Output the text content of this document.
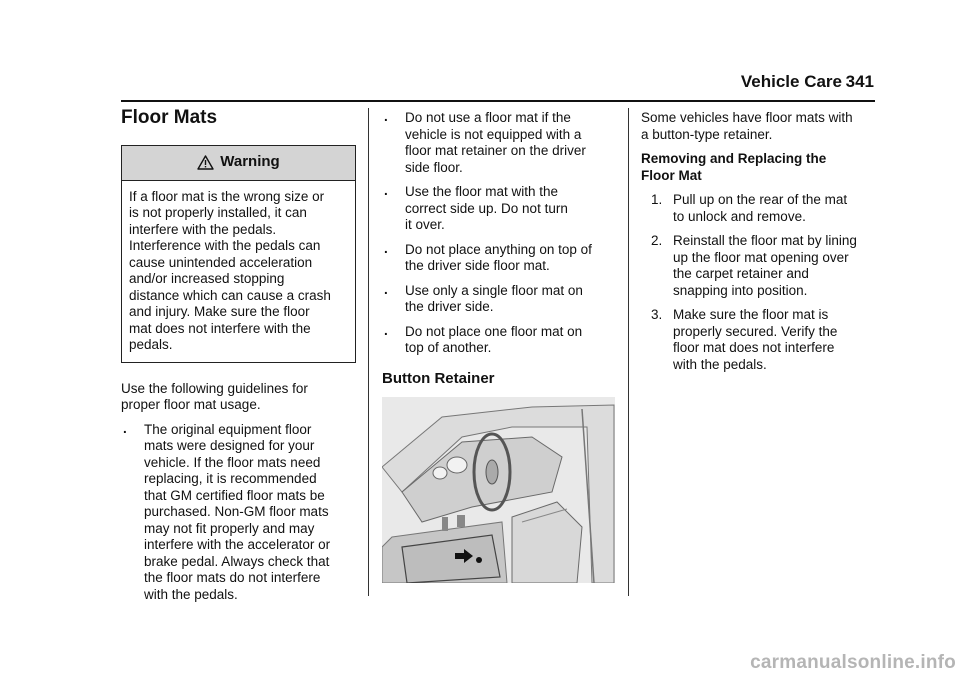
Vehicle Care 341
Floor Mats
Warning
If a floor mat is the wrong size or
is not properly installed, it can
interfere with the pedals.
Interference with the pedals can
cause unintended acceleration
and/or increased stopping
distance which can cause a crash
and injury. Make sure the floor
mat does not interfere with the
pedals.

Use the following guidelines for
proper floor mat usage.

. The original equipment floor
mats were designed for your
vehicle. If the floor mats need
replacing, it is recommended
that GM certified floor mats be
purchased. Non-GM floor mats
may not fit properly and may
interfere with the accelerator or
brake pedal. Always check that
the floor mats do not interfere
with the pedals.
. Do not use a floor mat if the
vehicle is not equipped with a
floor mat retainer on the driver
side floor.
. Use the floor mat with the
correct side up. Do not turn
it over.
. Do not place anything on top of
the driver side floor mat.
. Use only a single floor mat on
the driver side.
. Do not place one floor mat on
top of another.
Button Retainer

Some vehicles have floor mats with
a button-type retainer.

Removing and Replacing the
Floor Mat
1. Pull up on the rear of the mat
to unlock and remove.
2. Reinstall the floor mat by lining
up the floor mat opening over
the carpet retainer and
snapping into position.
3. Make sure the floor mat is
properly secured. Verify the
floor mat does not interfere
with the pedals.
carmanualsonline.info
